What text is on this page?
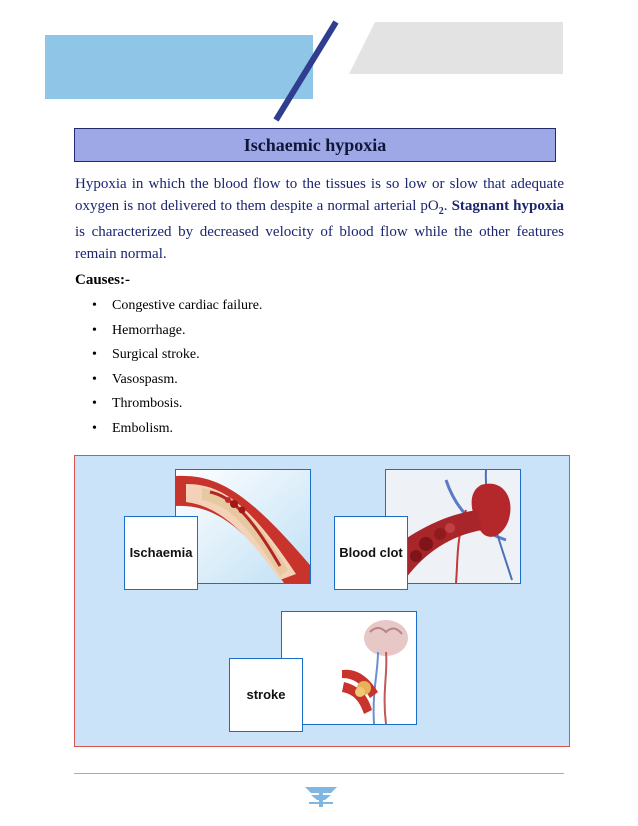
Ischaemic hypoxia
Hypoxia in which the blood flow to the tissues is so low or slow that adequate oxygen is not delivered to them despite a normal arterial $pO_2$. Stagnant hypoxia is characterized by decreased velocity of blood flow while the other features remain normal.
Causes:-
• Congestive cardiac failure.
• Hemorrhage.
• Surgical stroke.
• Vasospasm.
• Thrombosis.
• Embolism.
Ischaemia	Blood clot
stroke
